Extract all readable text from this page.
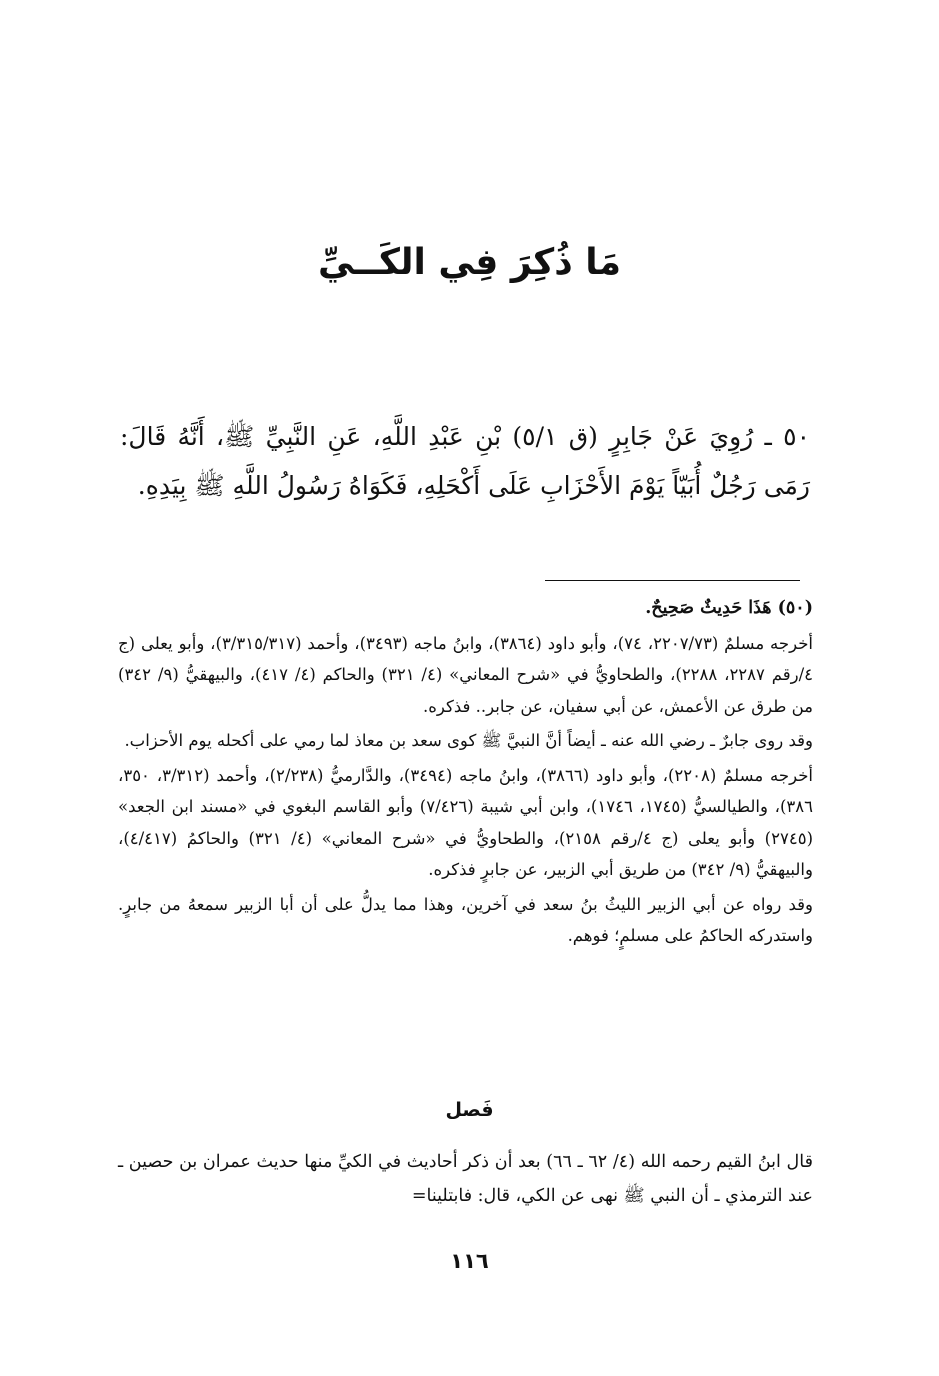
مَا ذُكِرَ فِي الكَــيِّ
٥٠ ـ رُوِيَ عَنْ جَابِرٍ (ق ٥/١) بْنِ عَبْدِ اللَّهِ، عَنِ النَّبِيِّ ﷺ، أَنَّهُ قَالَ: رَمَى رَجُلٌ أُبَيّاً يَوْمَ الأَحْزَابِ عَلَى أَكْحَلِهِ، فَكَوَاهُ رَسُولُ اللَّهِ ﷺ بِيَدِهِ.

(٥٠) هَذَا حَدِيثٌ صَحِيحٌ.

أخرجه مسلمٌ (٢٢٠٧/٧٣، ٧٤)، وأبو داود (٣٨٦٤)، وابنُ ماجه (٣٤٩٣)، وأحمد (٣/٣١٥/٣١٧)، وأبو يعلى (ج ٤/رقم ٢٢٨٧، ٢٢٨٨)، والطحاويُّ في «شرح المعاني» (٤/ ٣٢١) والحاكم (٤/ ٤١٧)، والبيهقيُّ (٩/ ٣٤٢) من طرق عن الأعمش، عن أبي سفيان، عن جابر.. فذكره.

وقد روى جابرٌ ـ رضي الله عنه ـ أيضاً أنَّ النبيَّ ﷺ كوى سعد بن معاذ لما رمي على أكحله يوم الأحزاب.

أخرجه مسلمٌ (٢٢٠٨)، وأبو داود (٣٨٦٦)، وابنُ ماجه (٣٤٩٤)، والدَّارميُّ (٢/٢٣٨)، وأحمد (٣/٣١٢، ٣٥٠، ٣٨٦)، والطيالسيُّ (١٧٤٥، ١٧٤٦)، وابن أبي شيبة (٧/٤٢٦) وأبو القاسم البغوي في «مسند ابن الجعد» (٢٧٤٥) وأبو يعلى (ج ٤/رقم ٢١٥٨)، والطحاويُّ في «شرح المعاني» (٤/ ٣٢١) والحاكمُ (٤/٤١٧)، والبيهقيُّ (٩/ ٣٤٢) من طريق أبي الزبير، عن جابرٍ فذكره.

وقد رواه عن أبي الزبير الليثُ بنُ سعد في آخرين، وهذا مما يدلُّ على أن أبا الزبير سمعهُ من جابرٍ. واستدركه الحاكمُ على مسلمٍ؛ فوهم.

فَصل

قال ابنُ القيم رحمه الله (٤/ ٦٢ ـ ٦٦) بعد أن ذكر أحاديث في الكيِّ منها حديث عمران بن حصين ـ عند الترمذي ـ أن النبي ﷺ نهى عن الكي، قال: فابتلينا=

١١٦
